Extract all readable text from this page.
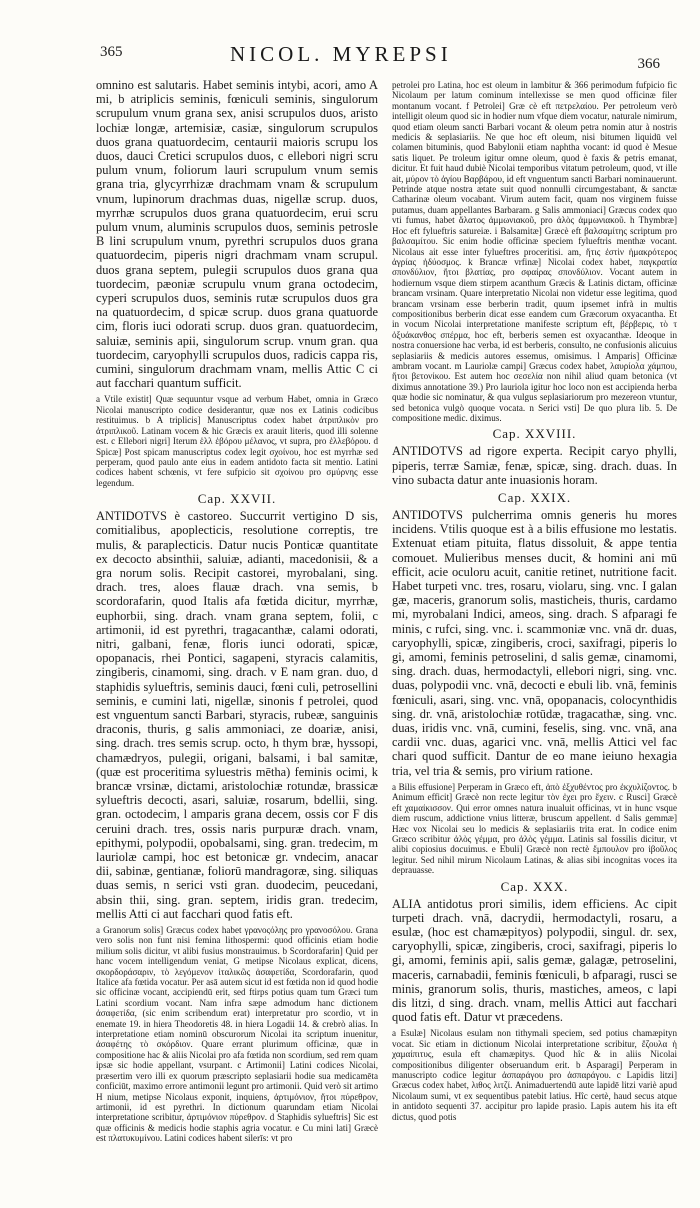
365	NICOL. MYREPSI	366

omnino est salutaris. Habet seminis intybi, acori, amo A mi, b atriplicis seminis, fœniculi seminis, singulorum scrupulum vnum grana sex, anisi scrupulos duos, aristo lochiæ longæ, artemisiæ, casiæ, singulorum scrupulos duos grana quatuordecim, centaurii maioris scrupu los duos, dauci Cretici scrupulos duos, c ellebori nigri scru pulum vnum, foliorum lauri scrupulum vnum semis grana tria, glycyrrhizæ drachmam vnam & scrupulum vnum, lupinorum drachmas duas, nigellæ scrup. duos, myrrhæ scrupulos duos grana quatuordecim, erui scru pulum vnum, aluminis scrupulos duos, seminis petrosle B lini scrupulum vnum, pyrethri scrupulos duos grana quatuordecim, piperis nigri drachmam vnam scrupul. duos grana septem, pulegii scrupulos duos grana qua tuordecim, pæoniæ scrupulu vnum grana octodecim, cyperi scrupulos duos, seminis rutæ scrupulos duos gra na quatuordecim, d spicæ scrup. duos grana quatuorde cim, floris iuci odorati scrup. duos gran. quatuordecim, saluiæ, seminis apii, singulorum scrup. vnum gran. qua tuordecim, caryophylli scrupulos duos, radicis cappa ris, cumini, singulorum drachmam vnam, mellis Attic C ci aut facchari quantum sufficit.

a Vtile existit] Quæ sequuntur vsque ad verbum Habet, omnia in Græco Nicolai manuscripto codice desiderantur, quæ nos ex Latinis codicibus restituimus. b A triplicis] Manuscriptus codex habet ἀτριπλικὸν pro ἀτριπλικοῦ. Latinam vocem & hic Græcis ex arauit literis, quod illi solenne est. c Ellebori nigri] Iterum ἑλλ ἐβόρου μέλανος, vt supra, pro ἑλλεβόρου. d Spicæ] Post spicam manuscriptus codex legit σχοίνου, hoc est myrrhæ sed perperam, quod paulo ante eius in eadem antidoto facta sit mentio. Latini codices habent schœnis, vt fere sufpicio sit σχοίνου pro σμύρνης esse legendum.

Cap. XXVII.

ANTIDOTVS è castoreo. Succurrit vertigino D sis, comitialibus, apoplecticis, resolutione correptis, tre mulis, & paraplecticis. Datur nucis Ponticæ quantitate ex decocto absinthii, saluiæ, adianti, macedonisii, & a gra norum solis. Recipit castorei, myrobalani, sing. drach. tres, aloes flauæ drach. vna semis, b scordorafarin, quod Italis afa fœtida dicitur, myrrhæ, euphorbii, sing. drach. vnam grana septem, folii, c artimonii, id est pyrethri, tragacanthæ, calami odorati, nitri, galbani, fenæ, floris iunci odorati, spicæ, opopanacis, rhei Pontici, sagapeni, styracis calamitis, zingiberis, cinamomi, sing. drach. v E nam gran. duo, d staphidis sylueftris, seminis dauci, fœni culi, petrosellini seminis, e cumini lati, nigellæ, sinonis f petrolei, quod est vnguentum sancti Barbari, styracis, rubeæ, sanguinis draconis, thuris, g salis ammoniaci, ze doariæ, anisi, sing. drach. tres semis scrup. octo, h thym bræ, hyssopi, chamædryos, pulegii, origani, balsami, i bal samitæ, (quæ est proceritima syluestris mētha) feminis ocimi, k brancæ vrsinæ, dictami, aristolochiæ rotundæ, brassicæ sylueftris decocti, asari, saluiæ, rosarum, bdellii, sing. gran. octodecim, l amparis grana decem, ossis cor F dis ceruini drach. tres, ossis naris purpuræ drach. vnam, epithymi, polypodii, opobalsami, sing. gran. tredecim, m lauriolæ campi, hoc est betonicæ gr. vndecim, anacar dii, sabinæ, gentianæ, foliorū mandragoræ, sing. siliquas duas semis, n serici vsti gran. duodecim, peucedani, absin thii, sing. gran. septem, iridis gran. tredecim, mellis Atti ci aut facchari quod fatis eft.

a Granorum solis] Græcus codex habet γρανοςόλης pro γρανοσόλου. Grana vero solis non funt nisi femina lithospermi: quod officinis etiam hodie milium solis dicitur, vt alibi fusius monstrauimus. b Scordorafarin] Quid per hanc vocem intelligendum veniat, G metipse Nicolaus explicat, dicens, σκορδοράσαριν, τὸ λεγόμενον ἰταλικῶς ἀσαφετίδα, Scordorafarin, quod Italice afa fœtida vocatur. Per asā autem sicut id est fœtida non id quod hodie sic officinæ vocant, accipiendū erit, sed ftirps potius quam tum Græci tum Latini scordium vocant. Nam infra sæpe admodum hanc dictionem ἀσαφετίδα, (sic enim scribendum erat) interpretatur pro scordio, vt in enemate 19. in hiera Theodoretis 48. in hiera Logadii 14. & crebrò alias. In interpretatione etiam nominū obscurorum Nicolai ita scriptum inuenitur, ἀσαφέτης τὸ σκόρδιον. Quare errant plurimum officinæ, quæ in compositione hac & aliis Nicolai pro afa fœtida non scordium, sed rem quam ipsæ sic hodie appellant, vsurpant. c Artimonii] Latini codices Nicolai, præsertim vero illi ex quorum præscripto seplasiarii hodie sua medicamēta conficiūt, maximo errore antimonii legunt pro artimonii. Quid verò sit artimo H nium, metipse Nicolaus exponit, inquiens, ἀρτιμόνιον, ἤτοι πύρεθρον, artimonii, id est pyrethri. In dictionum quarundam etiam Nicolai interpretatione scribitur, ἀρτιμόνιον πύρεθρον. d Staphidis sylueftris] Sic est quæ officinis & medicis hodie staphis agria vocatur. e Cu mini lati] Græcè est πλατυκυμίνου. Latini codices habent silerīs: vt pro

petrolei pro Latina, hoc est oleum in lambitur & 366 perimodum fufpicio fic Nicolaum per latum cominum intellexisse se men quod officinæ filer montanum vocant. f Petrolei] Græ cè eft πετρελαίου. Per petroleum verò intelligit oleum quod sic in hodier num vfque diem vocatur, naturale nimirum, quod etiam oleum sancti Barbari vocant & oleum petra nomin atur à nostris medicis & seplasiariis. Ne que hoc eft oleum, nisi bitumen liquidū vel colamen bituminis, quod Babylonii etiam naphtha vocant: id quod è Mesue satis liquet. Pe troleum igitur omne oleum, quod è faxis & petris emanat, dicitur. Et fuit haud dubiè Nicolai temporibus vitatum petroleum, quod, vt ille ait, μύρον τὸ ἁγίου Βαρβάρου, id eft vnguentum sancti Barbari nominauerunt. Petrinde atque nostra ætate suit quod nonnulli circumgestabant, & sanctæ Catharinæ oleum vocabant. Virum autem facit, quam nos virginem fuisse putamus, duam appellantes Barbaram. g Salis ammoniaci] Græcus codex quo vti fumus, habet ἄλατος ἀμμωνιακοῦ, pro ἀλὸς ἀμμωνιακοῦ. h Thymbræ] Hoc eft fylueftris satureiæ. i Balsamitæ] Græcè eft βαλσαμίτης scriptum pro βαλσαμίτου. Sic enim hodie officinæ speciem fylueftris menthæ vocant. Nicolaus ait esse inter fylueftres proceritisi. am, ἥτις ἐστὶν ἡμακρότερος ἀγρίας ἡδύοσμος. k Brancæ vrfinæ] Nicolai codex habet, παγκρατία σπονδύλιον, ἤτοι βλατίας, pro σφαίρας σπονδύλιον. Vocant autem in hodiernum vsque diem stirpem acanthum Græcis & Latinis dictam, officinæ brancam vrsinam. Quare interpretatio Nicolai non videtur esse legitima, quod brancam vrsinam esse berberin tradit, quum ipsemet infrà in multis compositionibus berberin dicat esse eandem cum Græcorum oxyacantha. Et in vocum Nicolai interpretatione manifeste scriptum eft, βέρβερις, τὸ τ ὀξυάκανθος σπέρμα, hoc eft, berberis semen est oxyacanthæ. Ideoque in nostra conuersione hac verba, id est berberis, consulto, ne confusionis alicuius seplasiariis & medicis autores essemus, omisimus. l Amparis] Officinæ ambram vocant. m Lauriolæ campi] Græcus codex habet, λαυρίολα χάμπου, ἤτοι βετονίκου. Est autem hoc σεσελία non nihil aliud quam betonica (vt diximus annotatione 39.) Pro lauriola igitur hoc loco non est accipienda herba quæ hodie sic nominatur, & qua vulgus seplasiariorum pro mezereon vtuntur, sed betonica vulgò quoque vocata. n Serici vsti] De quo plura lib. 5. De compositione medic. diximus.

Cap. XXVIII.

ANTIDOTVS ad rigore experta. Recipit caryo phylli, piperis, terræ Samiæ, fenæ, spicæ, sing. drach. duas. In vino subacta datur ante inuasionis horam.

Cap. XXIX.

ANTIDOTVS pulcherrima omnis generis hu mores incidens. Vtilis quoque est à a bilis effusione mo lestatis. Extenuat etiam pituita, flatus dissoluit, & appe tentia comouet. Mulieribus menses ducit, & homini ani mū efficit, acie oculoru acuit, canitie retinet, nutritione facit. Habet turpeti vnc. tres, rosaru, violaru, sing. vnc. I galan gæ, maceris, granorum solis, masticheis, thuris, cardamo mi, myrobalani Indici, ameos, sing. drach. S afparagi fe minis, c rufci, sing. vnc. i. scammoniæ vnc. vnā dr. duas, caryophylli, spicæ, zingiberis, croci, saxifragi, piperis lo gi, amomi, feminis petroselini, d salis gemæ, cinamomi, sing. drach. duas, hermodactyli, ellebori nigri, sing. vnc. duas, polypodii vnc. vnā, decocti e ebuli lib. vnā, feminis fœniculi, asari, sing. vnc. vnā, opopanacis, colocynthidis sing. dr. vnā, aristolochiæ rotūdæ, tragacathæ, sing. vnc. duas, iridis vnc. vnā, cumini, feselis, sing. vnc. vnā, ana cardii vnc. duas, agarici vnc. vnā, mellis Attici vel fac chari quod sufficit. Dantur de eo mane ieiuno hexagia tria, vel tria & semis, pro virium ratione.

a Bilis effusione] Perperam in Græco eft, ἀπὸ ἐξχυθέντος pro ἐκχυλίζοντος. b Animum efficit] Græcè non recte legitur τὸν ἐχει pro ἔχειν. c Rusci] Græcè eft χαμαίκισσον. Qui error omnes natura inualuit officinas, vt in hunc vsque diem ruscum, addictione vnius litteræ, bruscum appellent. d Salis gemmæ] Hæc vox Nicolai seu lo medicis & seplasiariis trita erat. In codice enim Græco scribitur ἀλὸς γέμμα, pro ἀλὸς γέμμα. Latinis sal fossilis dicitur, vt alibi copiosius docuimus. e Ebuli] Græcè non rectè ἔμπουλον pro ἰβοῦλος legitur. Sed nihil mirum Nicolaum Latinas, & alias sibi incognitas voces ita deprauasse.

Cap. XXX.

ALIA antidotus prori similis, idem efficiens. Ac cipit turpeti drach. vnā, dacrydii, hermodactyli, rosaru, a esulæ, (hoc est chamæpityos) polypodii, singul. dr. sex, caryophylli, spicæ, zingiberis, croci, saxifragi, piperis lo gi, amomi, feminis apii, salis gemæ, galagæ, petroselini, maceris, carnabadii, feminis fœniculi, b afparagi, rusci se minis, granorum solis, thuris, mastiches, ameos, c lapi dis litzi, d sing. drach. vnam, mellis Attici aut facchari quod fatis eft. Datur vt præcedens.

a Esulæ] Nicolaus esulam non tithymali speciem, sed potius chamæpityn vocat. Sic etiam in dictionum Nicolai interpretatione scribitur, ἔζουλα ἡ χαμαίπιτυς, esula eft chamæpitys. Quod hîc & in aliis Nicolai compositionibus diligenter obseruandum erit. b Asparagi] Perperam in manuscripto codice legitur ἀσπαράγου pro ἀσπαράγου. c Lapidis litzi] Græcus codex habet, λιθος λιτζί. Animaduertendū aute lapidē litzi variè apud Nicolaum sumi, vt ex sequentibus patebit latius. Hîc certè, haud secus atque in antidoto sequenti 37. accipitur pro lapide prasio. Lapis autem his ita eft dictus, quod potis
